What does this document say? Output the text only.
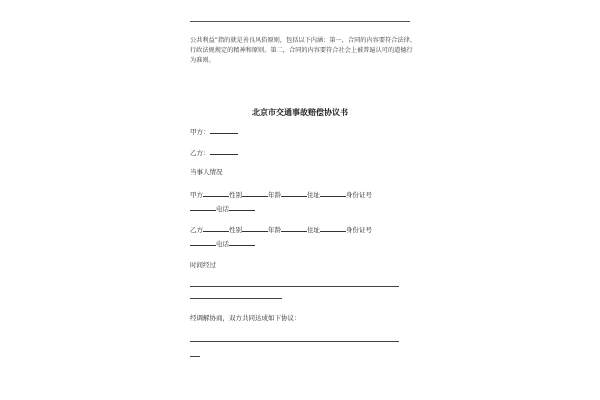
公共利益”指的就是善良风俗原则，包括以下内涵：第一，合同的内容要符合法律、
行政法规规定的精神和原则。第二，合同的内容要符合社会上被普遍认可的道德行
为准则。
北京市交通事故赔偿协议书
甲方：
乙方：
当事人情况
甲方	性别	年龄	住址	身份证号
电话
乙方	性别	年龄	住址	身份证号
电话
时间经过
经调解协商，双方共同达成如下协议：
